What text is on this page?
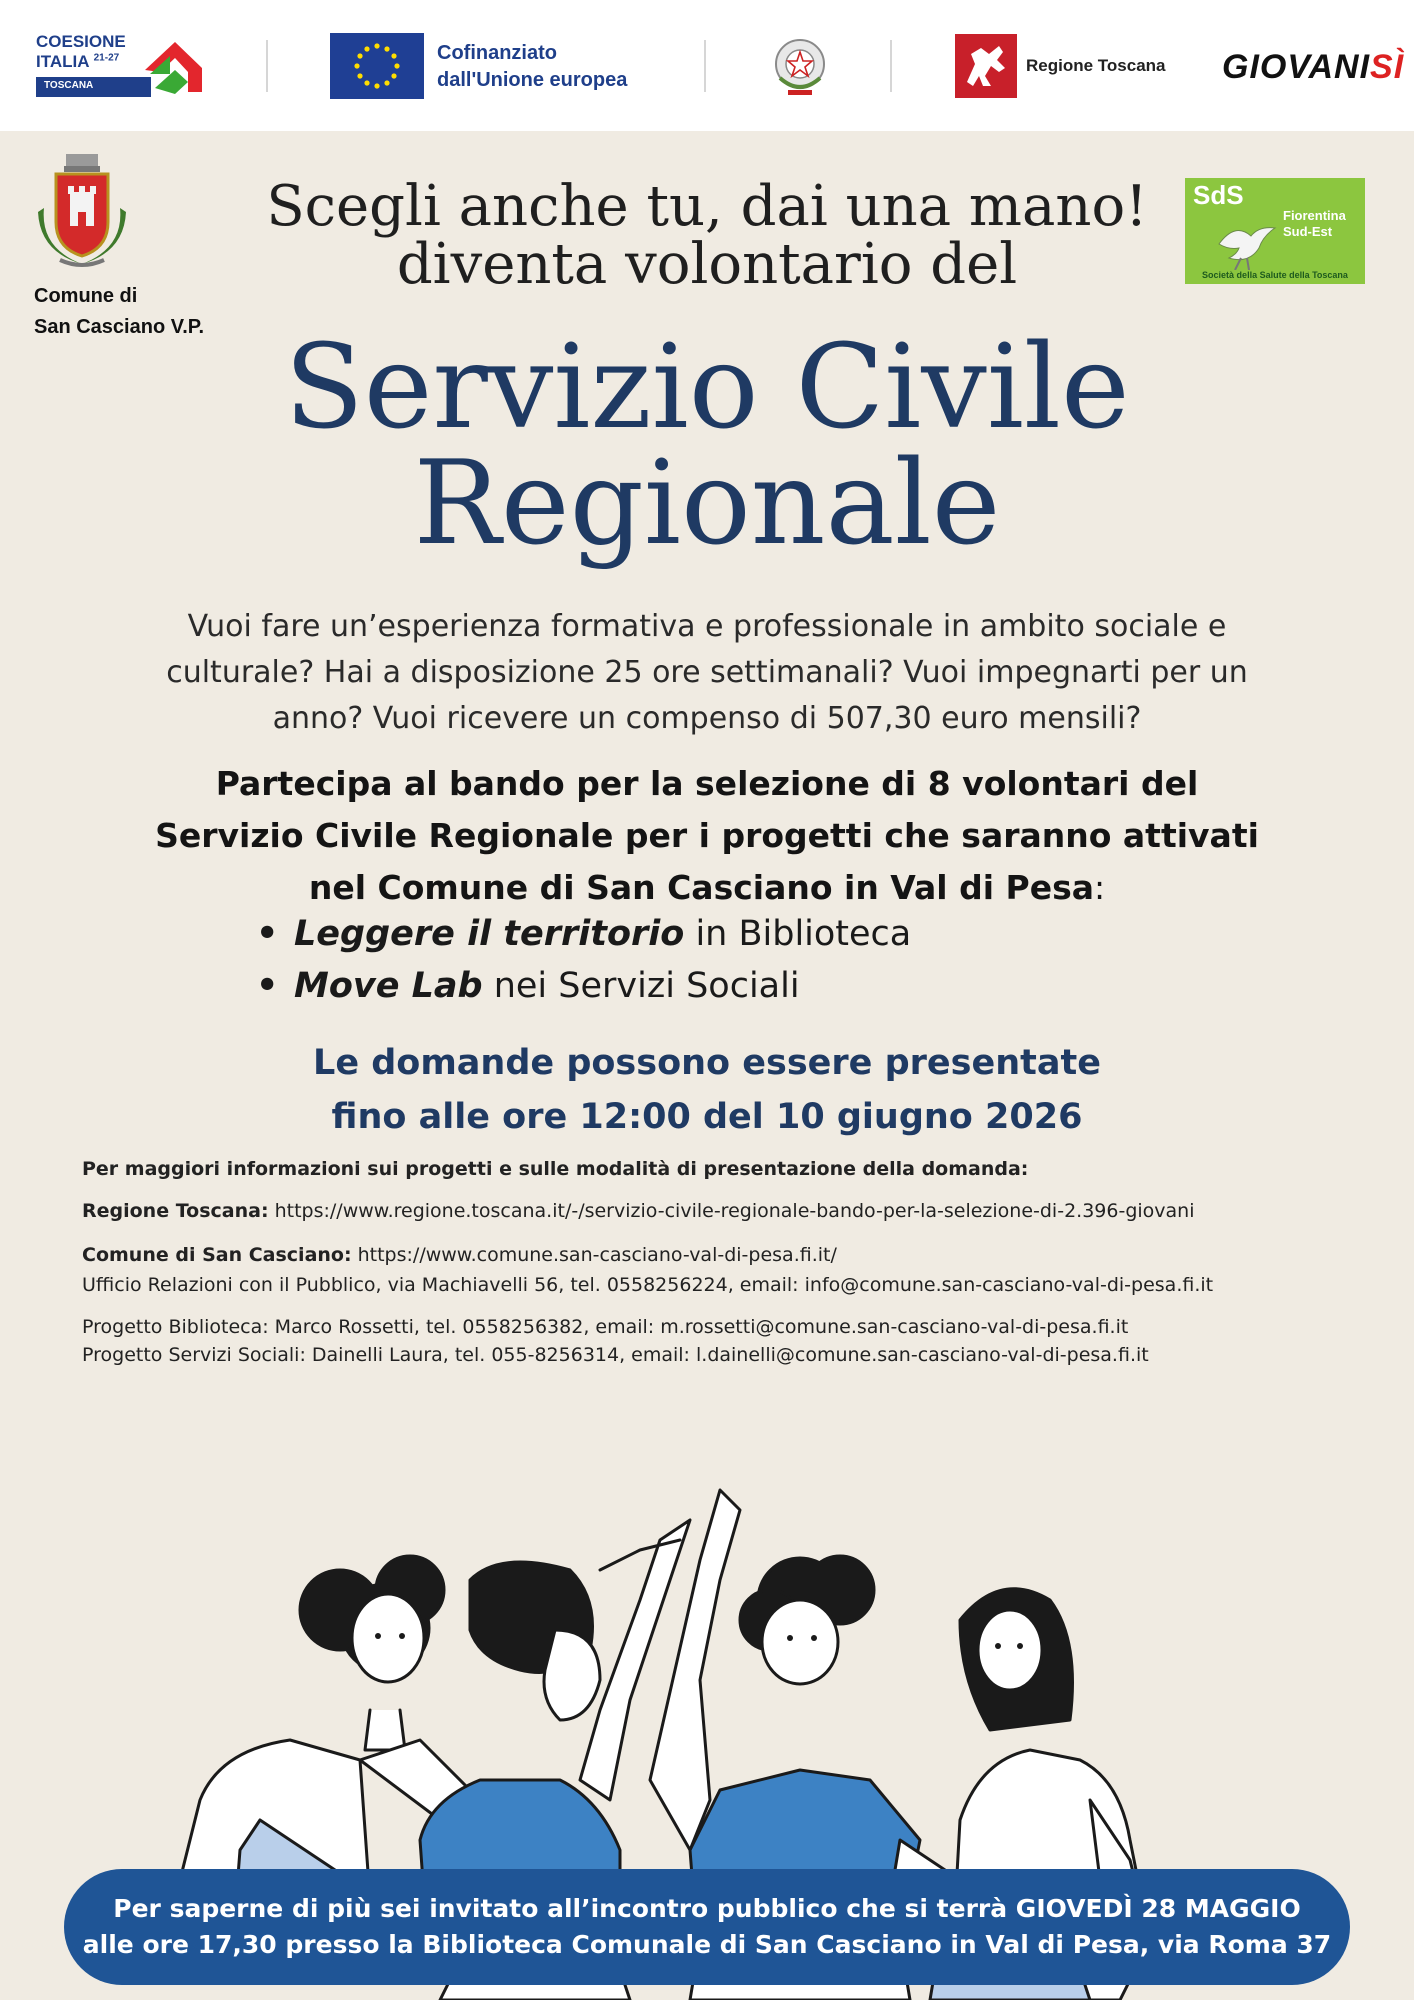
COESIONE
ITALIA $^{21-27}$
TOSCANA
Cofinanziato
dall'Unione europea
Regione Toscana GIOVANISÌ
Comune di
San Casciano V.P.
SdS
Fiorentina
Sud-Est
Società della Salute della Toscana
Scegli anche tu, dai una mano!
diventa volontario del
Servizio Civile
Regionale
Vuoi fare un’esperienza formativa e professionale in ambito sociale e
culturale? Hai a disposizione 25 ore settimanali? Vuoi impegnarti per un
anno? Vuoi ricevere un compenso di 507,30 euro mensili?
Partecipa al bando per la selezione di 8 volontari del
Servizio Civile Regionale per i progetti che saranno attivati
nel Comune di San Casciano in Val di Pesa:
• Leggere il territorio in Biblioteca
• Move Lab nei Servizi Sociali
Le domande possono essere presentate
fino alle ore 12:00 del 10 giugno 2026
Per maggiori informazioni sui progetti e sulle modalità di presentazione della domanda:
Regione Toscana: https://www.regione.toscana.it/-/servizio-civile-regionale-bando-per-la-selezione-di-2.396-giovani
Comune di San Casciano: https://www.comune.san-casciano-val-di-pesa.fi.it/
Ufficio Relazioni con il Pubblico, via Machiavelli 56, tel. 0558256224, email: info@comune.san-casciano-val-di-pesa.fi.it
Progetto Biblioteca: Marco Rossetti, tel. 0558256382, email: m.rossetti@comune.san-casciano-val-di-pesa.fi.it
Progetto Servizi Sociali: Dainelli Laura, tel. 055-8256314, email: l.dainelli@comune.san-casciano-val-di-pesa.fi.it
Per saperne di più sei invitato all’incontro pubblico che si terrà GIOVEDÌ 28 MAGGIO
alle ore 17,30 presso la Biblioteca Comunale di San Casciano in Val di Pesa, via Roma 37
